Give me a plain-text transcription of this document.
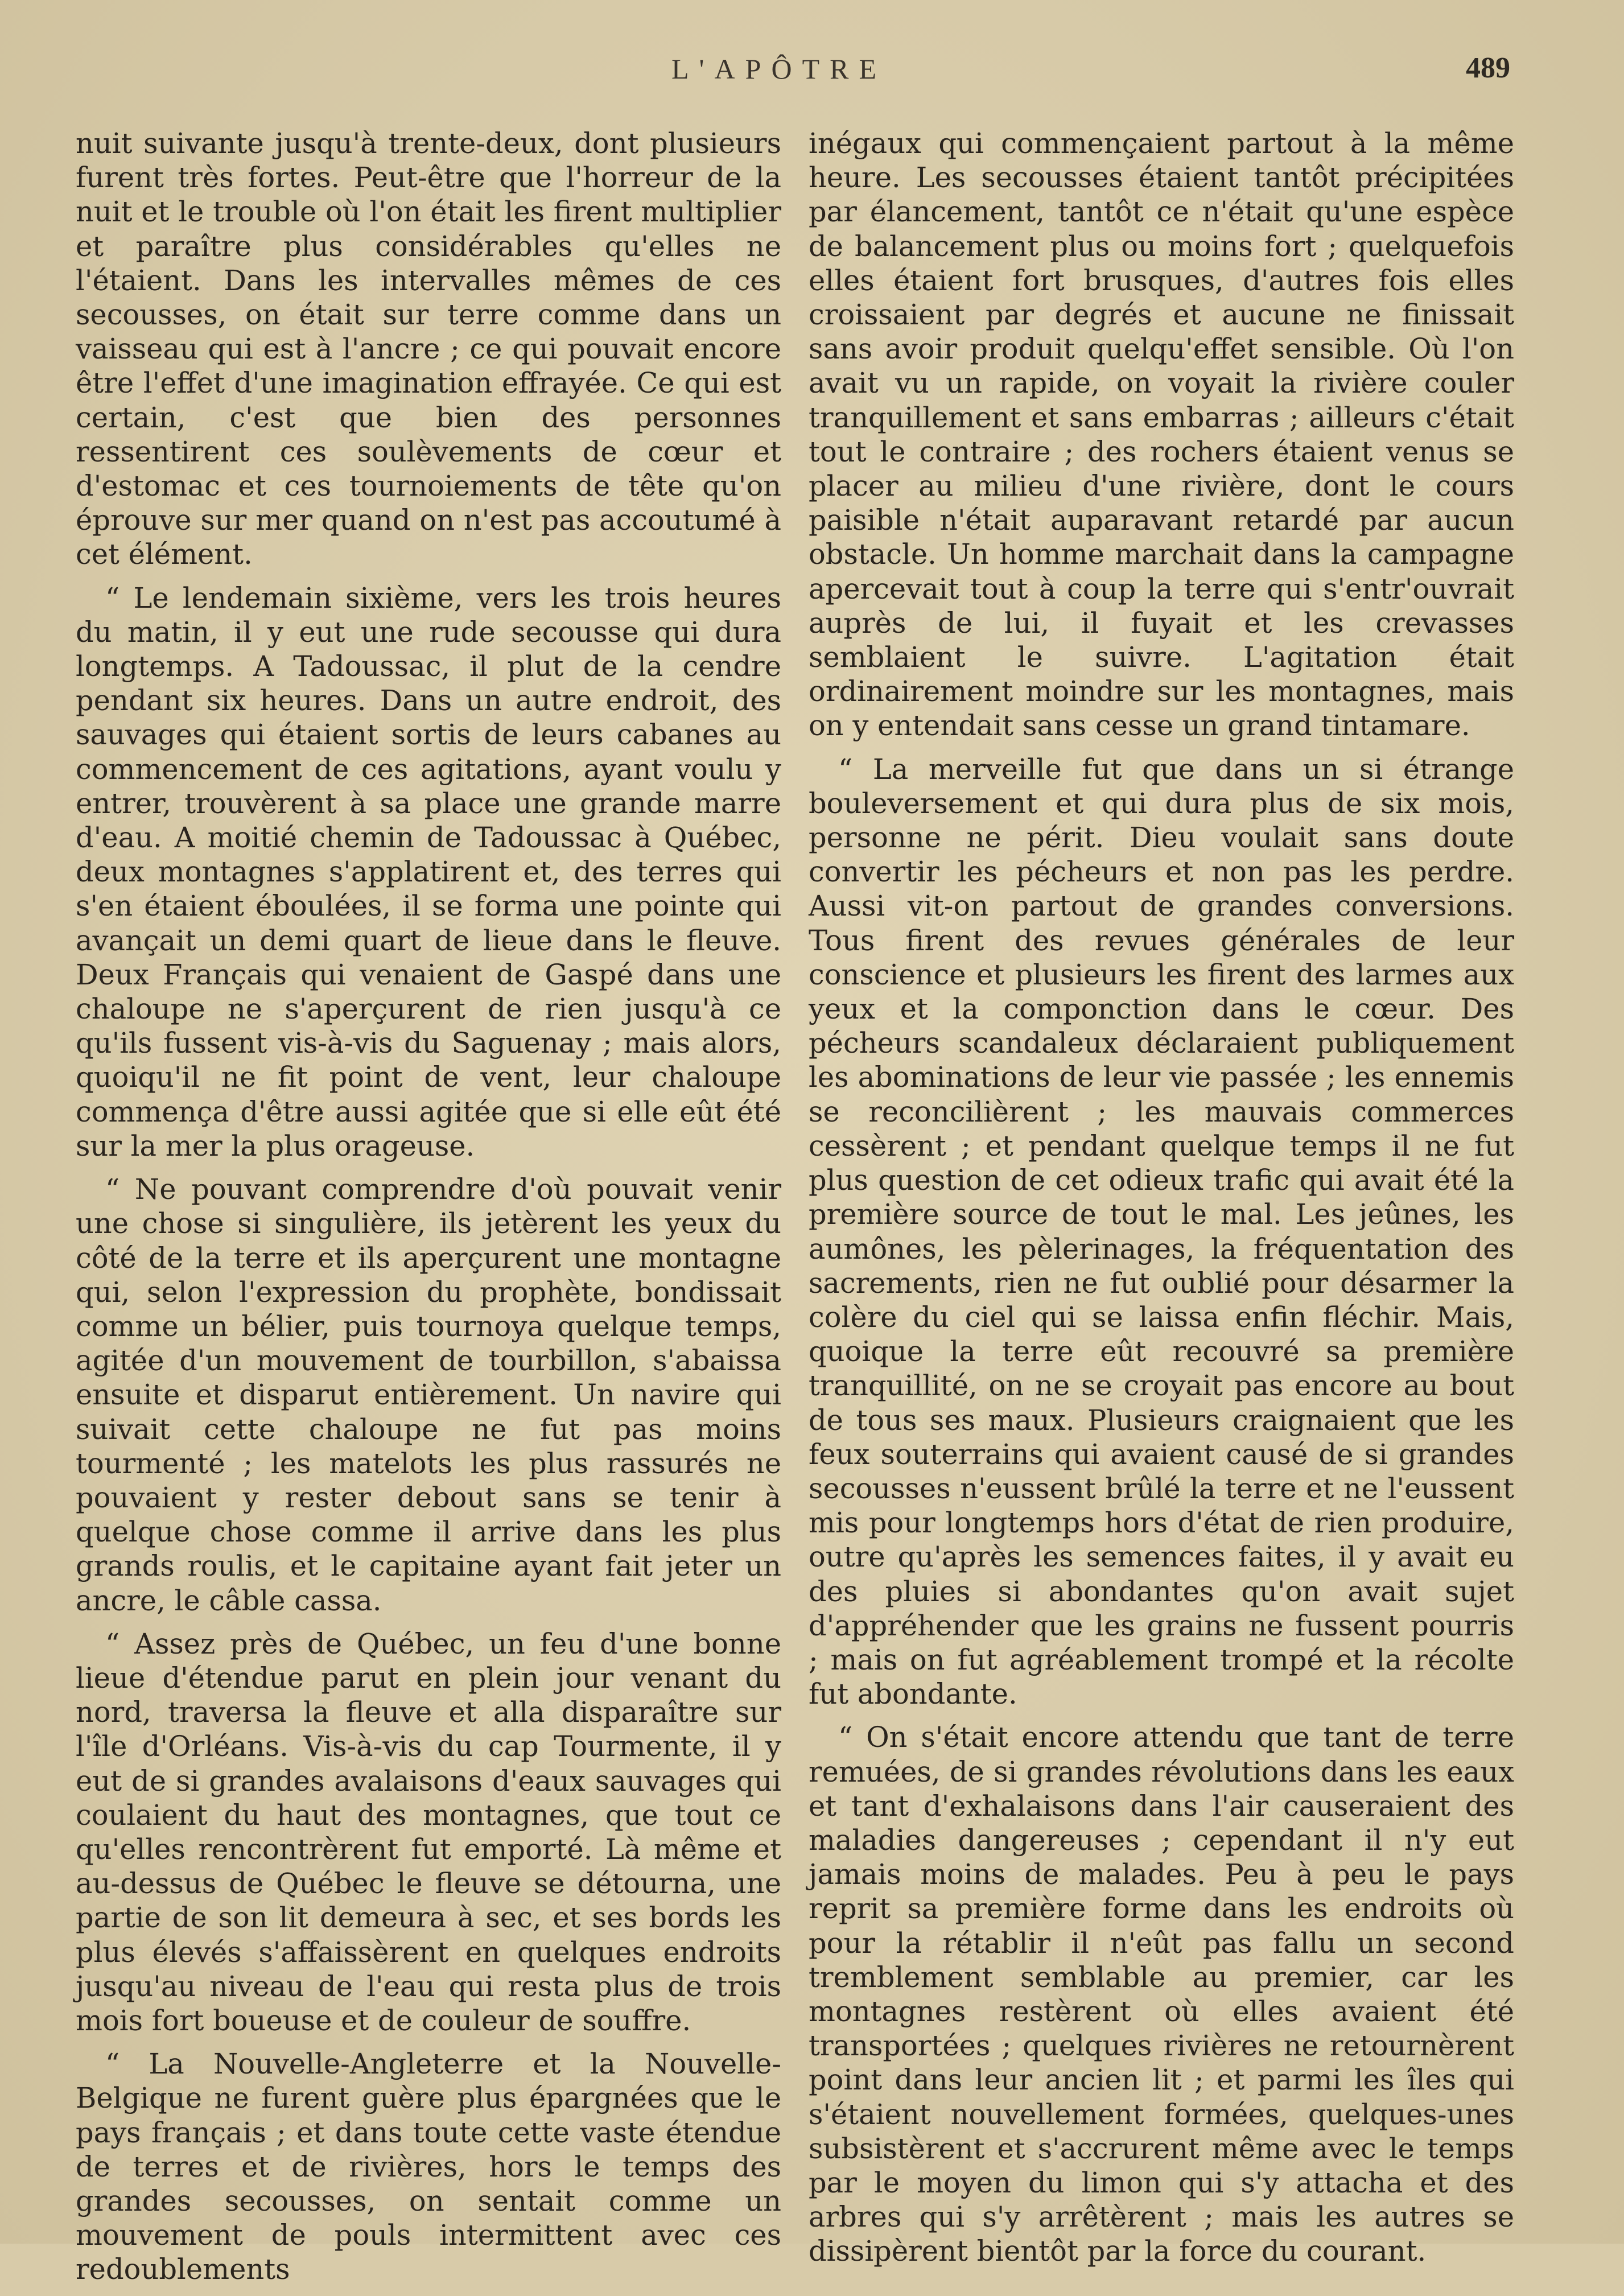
L'APÔTRE	489

nuit suivante jusqu'à trente-deux, dont plusieurs furent très fortes. Peut-être que l'horreur de la nuit et le trouble où l'on était les firent multiplier et paraître plus considérables qu'elles ne l'étaient. Dans les intervalles mêmes de ces secousses, on était sur terre comme dans un vaisseau qui est à l'ancre ; ce qui pouvait encore être l'effet d'une imagination effrayée. Ce qui est certain, c'est que bien des personnes ressentirent ces soulèvements de cœur et d'estomac et ces tournoiements de tête qu'on éprouve sur mer quand on n'est pas accoutumé à cet élément.

“ Le lendemain sixième, vers les trois heures du matin, il y eut une rude secousse qui dura longtemps. A Tadoussac, il plut de la cendre pendant six heures. Dans un autre endroit, des sauvages qui étaient sortis de leurs cabanes au commencement de ces agitations, ayant voulu y entrer, trouvèrent à sa place une grande marre d'eau. A moitié chemin de Tadoussac à Québec, deux montagnes s'applatirent et, des terres qui s'en étaient éboulées, il se forma une pointe qui avançait un demi quart de lieue dans le fleuve. Deux Français qui venaient de Gaspé dans une chaloupe ne s'aperçurent de rien jusqu'à ce qu'ils fussent vis-à-vis du Saguenay ; mais alors, quoiqu'il ne fit point de vent, leur chaloupe commença d'être aussi agitée que si elle eût été sur la mer la plus orageuse.

“ Ne pouvant comprendre d'où pouvait venir une chose si singulière, ils jetèrent les yeux du côté de la terre et ils aperçurent une montagne qui, selon l'expression du prophète, bondissait comme un bélier, puis tournoya quelque temps, agitée d'un mouvement de tourbillon, s'abaissa ensuite et disparut entièrement. Un navire qui suivait cette chaloupe ne fut pas moins tourmenté ; les matelots les plus rassurés ne pouvaient y rester debout sans se tenir à quelque chose comme il arrive dans les plus grands roulis, et le capitaine ayant fait jeter un ancre, le câble cassa.

“ Assez près de Québec, un feu d'une bonne lieue d'étendue parut en plein jour venant du nord, traversa la fleuve et alla disparaître sur l'île d'Orléans. Vis-à-vis du cap Tourmente, il y eut de si grandes avalaisons d'eaux sauvages qui coulaient du haut des montagnes, que tout ce qu'elles rencontrèrent fut emporté. Là même et au-dessus de Québec le fleuve se détourna, une partie de son lit demeura à sec, et ses bords les plus élevés s'affaissèrent en quelques endroits jusqu'au niveau de l'eau qui resta plus de trois mois fort boueuse et de couleur de souffre.

“ La Nouvelle-Angleterre et la Nouvelle-Belgique ne furent guère plus épargnées que le pays français ; et dans toute cette vaste étendue de terres et de rivières, hors le temps des grandes secousses, on sentait comme un mouvement de pouls intermittent avec ces redoublements

inégaux qui commençaient partout à la même heure. Les secousses étaient tantôt précipitées par élancement, tantôt ce n'était qu'une espèce de balancement plus ou moins fort ; quelquefois elles étaient fort brusques, d'autres fois elles croissaient par degrés et aucune ne finissait sans avoir produit quelqu'effet sensible. Où l'on avait vu un rapide, on voyait la rivière couler tranquillement et sans embarras ; ailleurs c'était tout le contraire ; des rochers étaient venus se placer au milieu d'une rivière, dont le cours paisible n'était auparavant retardé par aucun obstacle. Un homme marchait dans la campagne apercevait tout à coup la terre qui s'entr'ouvrait auprès de lui, il fuyait et les crevasses semblaient le suivre. L'agitation était ordinairement moindre sur les montagnes, mais on y entendait sans cesse un grand tintamare.

“ La merveille fut que dans un si étrange bouleversement et qui dura plus de six mois, personne ne périt. Dieu voulait sans doute convertir les pécheurs et non pas les perdre. Aussi vit-on partout de grandes conversions. Tous firent des revues générales de leur conscience et plusieurs les firent des larmes aux yeux et la componction dans le cœur. Des pécheurs scandaleux déclaraient publiquement les abominations de leur vie passée ; les ennemis se reconcilièrent ; les mauvais commerces cessèrent ; et pendant quelque temps il ne fut plus question de cet odieux trafic qui avait été la première source de tout le mal. Les jeûnes, les aumônes, les pèlerinages, la fréquentation des sacrements, rien ne fut oublié pour désarmer la colère du ciel qui se laissa enfin fléchir. Mais, quoique la terre eût recouvré sa première tranquillité, on ne se croyait pas encore au bout de tous ses maux. Plusieurs craignaient que les feux souterrains qui avaient causé de si grandes secousses n'eussent brûlé la terre et ne l'eussent mis pour longtemps hors d'état de rien produire, outre qu'après les semences faites, il y avait eu des pluies si abondantes qu'on avait sujet d'appréhender que les grains ne fussent pourris ; mais on fut agréablement trompé et la récolte fut abondante.

“ On s'était encore attendu que tant de terre remuées, de si grandes révolutions dans les eaux et tant d'exhalaisons dans l'air causeraient des maladies dangereuses ; cependant il n'y eut jamais moins de malades. Peu à peu le pays reprit sa première forme dans les endroits où pour la rétablir il n'eût pas fallu un second tremblement semblable au premier, car les montagnes restèrent où elles avaient été transportées ; quelques rivières ne retournèrent point dans leur ancien lit ; et parmi les îles qui s'étaient nouvellement formées, quelques-unes subsistèrent et s'accrurent même avec le temps par le moyen du limon qui s'y attacha et des arbres qui s'y arrêtèrent ; mais les autres se dissipèrent bientôt par la force du courant.
